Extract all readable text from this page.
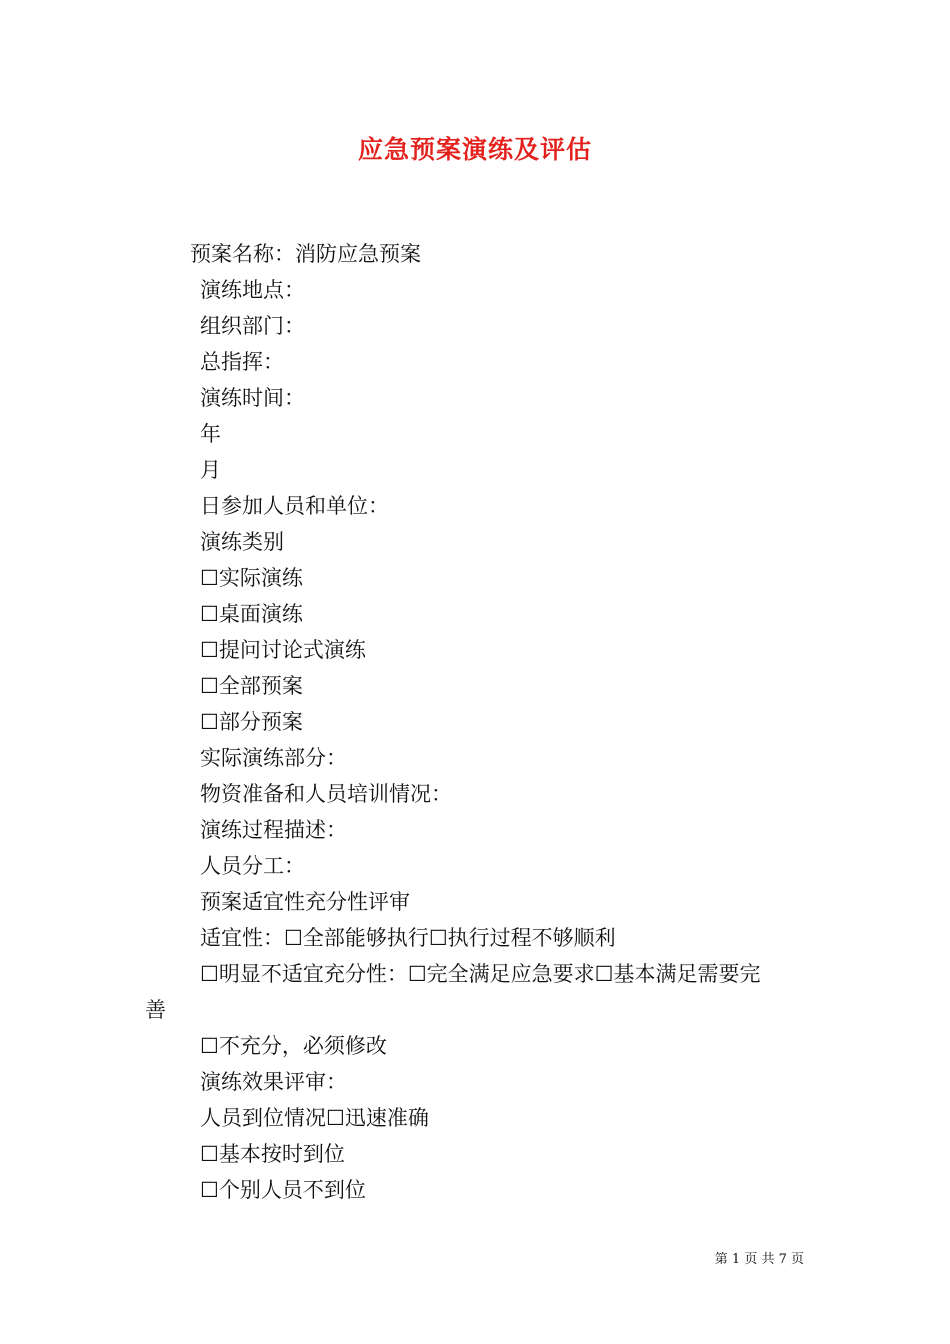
应急预案演练及评估
预案名称：消防应急预案
演练地点：
组织部门：
总指挥：
演练时间：
年
月
日参加人员和单位：
演练类别
☐实际演练
☐桌面演练
☐提问讨论式演练
☐全部预案
☐部分预案
实际演练部分：
物资准备和人员培训情况：
演练过程描述：
人员分工：
预案适宜性充分性评审
适宜性：☐全部能够执行☐执行过程不够顺利
☐明显不适宜充分性：☐完全满足应急要求☐基本满足需要完
善
☐不充分，必须修改
演练效果评审：
人员到位情况☐迅速准确
☐基本按时到位
☐个别人员不到位
第 1 页 共 7 页
